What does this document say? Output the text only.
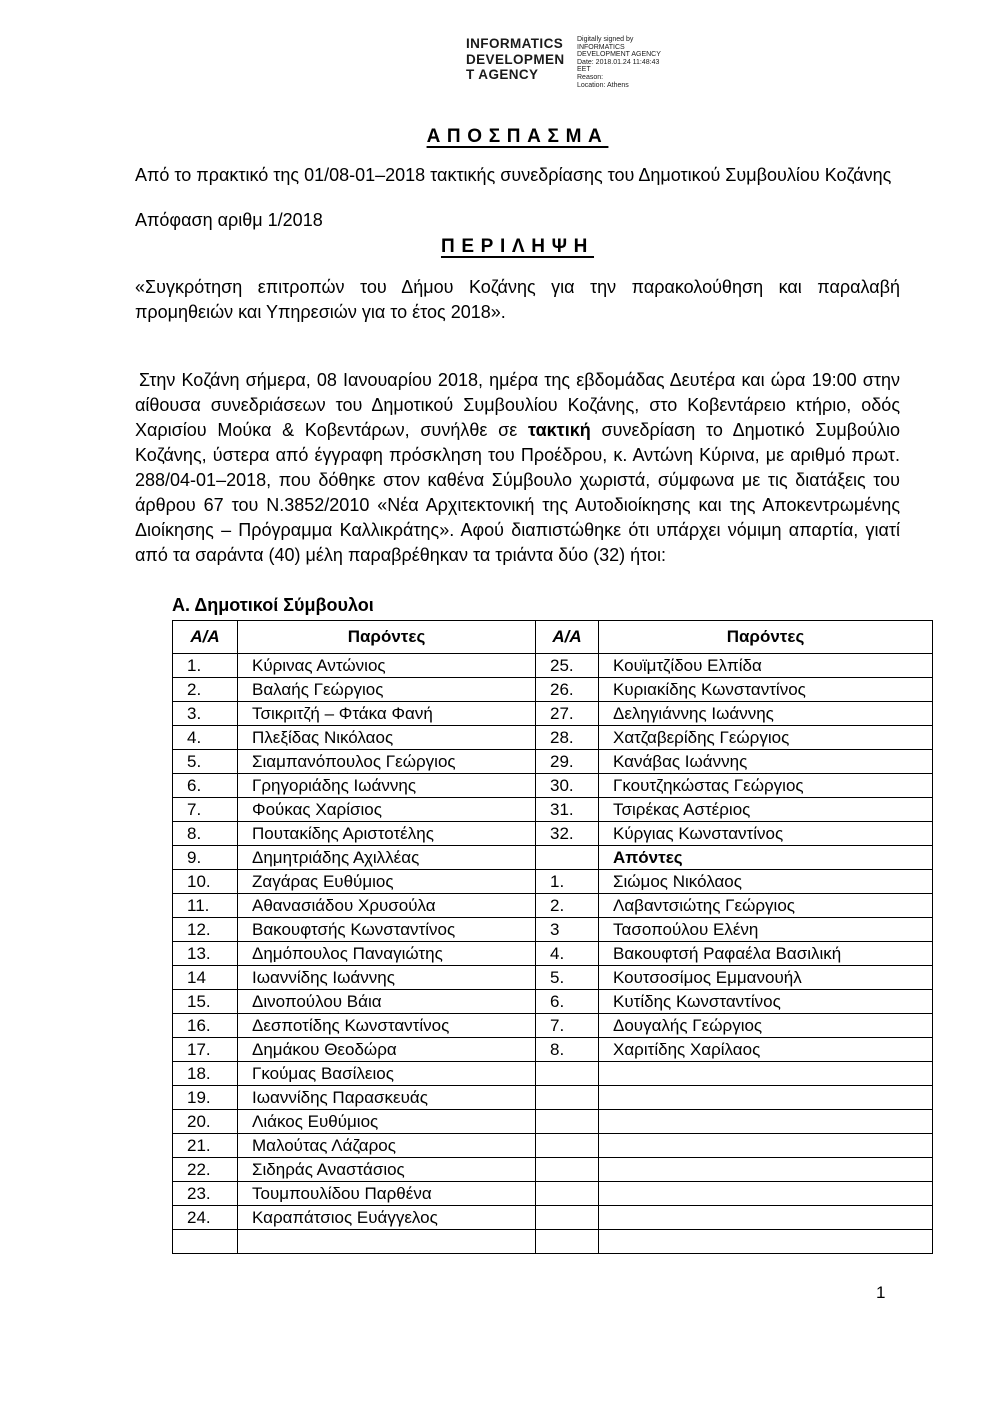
INFORMATICS
DEVELOPMEN
T AGENCY
Digitally signed by
INFORMATICS
DEVELOPMENT AGENCY
Date: 2018.01.24 11:48:43
EET
Reason:
Location: Athens
ΑΠΟΣΠΑΣΜΑ

Από το πρακτικό της 01/08-01–2018 τακτικής συνεδρίασης του Δημοτικού Συμβουλίου Κοζάνης

Απόφαση αριθμ 1/2018

ΠΕΡΙΛΗΨΗ

«Συγκρότηση επιτροπών του Δήμου Κοζάνης για την παρακολούθηση και παραλαβή προμηθειών και Υπηρεσιών για το έτος 2018».

Στην Κοζάνη σήμερα, 08 Ιανουαρίου 2018, ημέρα της εβδομάδας Δευτέρα και ώρα 19:00 στην αίθουσα συνεδριάσεων του Δημοτικού Συμβουλίου Κοζάνης, στο Κοβεντάρειο κτήριο, οδός Χαρισίου Μούκα & Κοβεντάρων, συνήλθε σε τακτική συνεδρίαση το Δημοτικό Συμβούλιο Κοζάνης, ύστερα από έγγραφη πρόσκληση του Προέδρου, κ. Αντώνη Κύρινα, με αριθμό πρωτ. 288/04-01–2018, που δόθηκε στον καθένα Σύμβουλο χωριστά, σύμφωνα με τις διατάξεις του άρθρου 67 του Ν.3852/2010 «Νέα Αρχιτεκτονική της Αυτοδιοίκησης και της Αποκεντρωμένης Διοίκησης – Πρόγραμμα Καλλικράτης». Αφού διαπιστώθηκε ότι υπάρχει νόμιμη απαρτία, γιατί από τα σαράντα (40) μέλη παραβρέθηκαν τα τριάντα δύο (32) ήτοι:

Α. Δημοτικοί Σύμβουλοι
Α/Α	Παρόντες	Α/Α	Παρόντες
1.	Κύρινας Αντώνιος	25.	Κουϊμτζίδου Ελπίδα
2.	Βαλαής Γεώργιος	26.	Κυριακίδης Κωνσταντίνος
3.	Τσικριτζή – Φτάκα Φανή	27.	Δεληγιάννης Ιωάννης
4.	Πλεξίδας Νικόλαος	28.	Χατζαβερίδης Γεώργιος
5.	Σιαμπανόπουλος Γεώργιος	29.	Κανάβας Ιωάννης
6.	Γρηγοριάδης Ιωάννης	30.	Γκουτζηκώστας Γεώργιος
7.	Φούκας Χαρίσιος	31.	Τσιρέκας Αστέριος
8.	Πουτακίδης Αριστοτέλης	32.	Κύργιας Κωνσταντίνος
9.	Δημητριάδης Αχιλλέας		Απόντες
10.	Ζαγάρας Ευθύμιος	1.	Σιώμος Νικόλαος
11.	Αθανασιάδου Χρυσούλα	2.	Λαβαντσιώτης Γεώργιος
12.	Βακουφτσής Κωνσταντίνος	3	Τασοπούλου Ελένη
13.	Δημόπουλος Παναγιώτης	4.	Βακουφτσή Ραφαέλα Βασιλική
14	Ιωαννίδης Ιωάννης	5.	Κουτσοσίμος Εμμανουήλ
15.	Δινοπούλου Βάια	6.	Κυτίδης Κωνσταντίνος
16.	Δεσποτίδης Κωνσταντίνος	7.	Δουγαλής Γεώργιος
17.	Δημάκου Θεοδώρα	8.	Χαριτίδης Χαρίλαος
18.	Γκούμας Βασίλειος		
19.	Ιωαννίδης Παρασκευάς		
20.	Λιάκος Ευθύμιος		
21.	Μαλούτας Λάζαρος		
22.	Σιδηράς Αναστάσιος		
23.	Τουμπουλίδου Παρθένα		
24.	Καραπάτσιος Ευάγγελος		

1
